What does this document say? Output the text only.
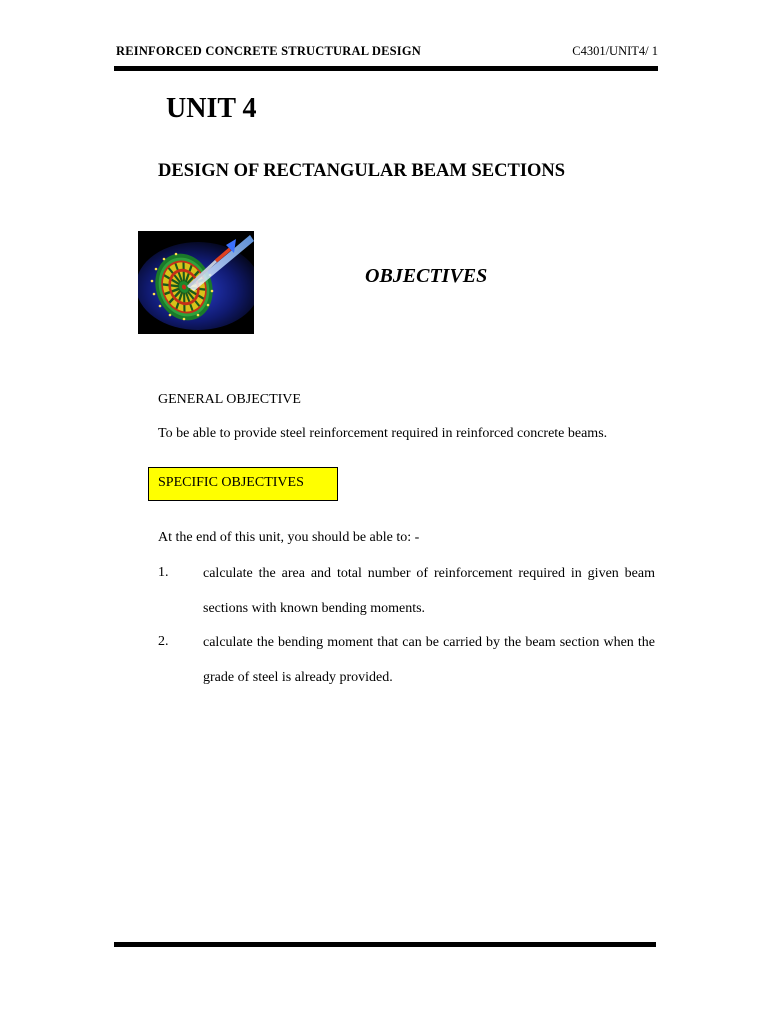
REINFORCED CONCRETE STRUCTURAL DESIGN	C4301/UNIT4/ 1
UNIT 4
DESIGN OF RECTANGULAR BEAM SECTIONS
OBJECTIVES
GENERAL OBJECTIVE
To be able to provide steel reinforcement required in reinforced concrete beams.
SPECIFIC OBJECTIVES
At the end of this unit, you should be able to: -
1. calculate the area and total number of reinforcement required in given beam sections with known bending moments.
2. calculate the bending moment that can be carried by the beam section when the grade of steel is already provided.
